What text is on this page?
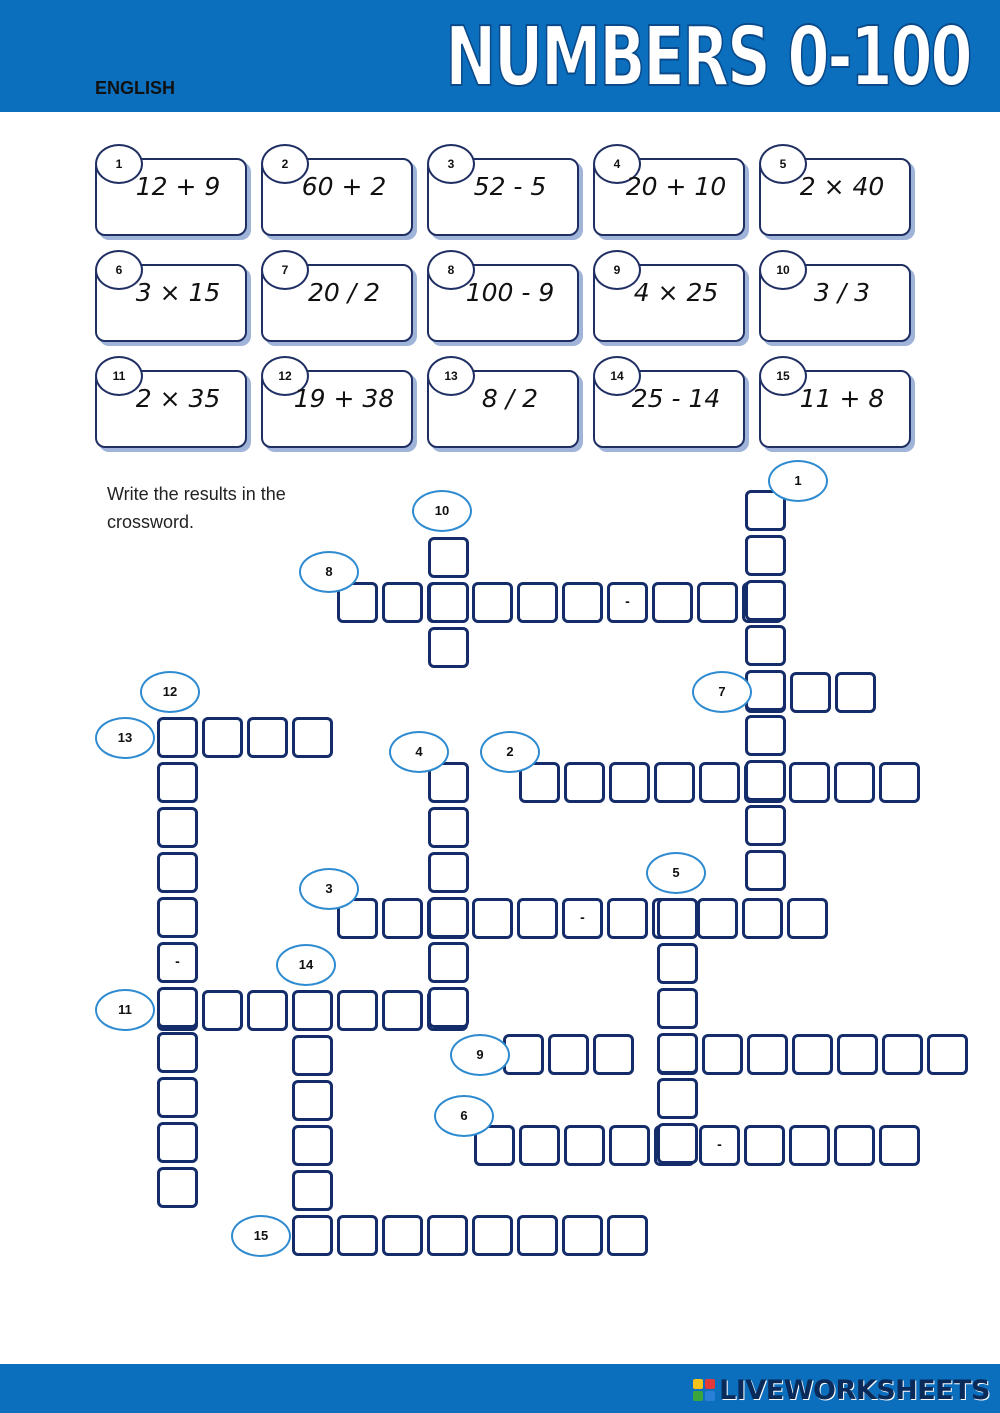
ENGLISH	NUMBERS 0-100
1
12 + 9
2
60 + 2
3
52 - 5
4
20 + 10
5
2 × 40
6
3 × 15
7
20 / 2
8
100 - 9
9
4 × 25
10
3 / 3
11
2 × 35
12
19 + 38
13
8 / 2
14
25 - 14
15
11 + 8
Write the results in the crossword.
-
-
-
-
1
2
3
4
5
6
7
8
9
10
11
12
13
14
15
LIVEWORKSHEETS
